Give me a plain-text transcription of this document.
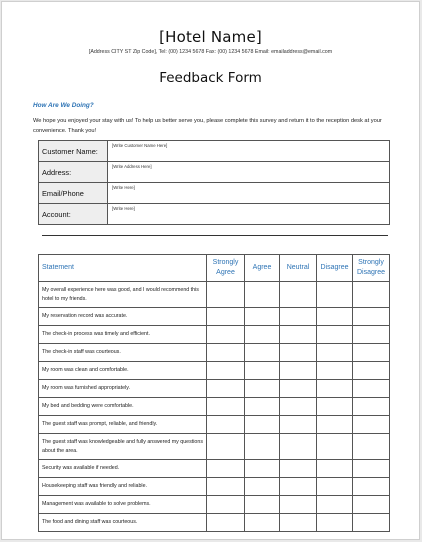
[Hotel Name]
[Address CITY ST Zip Code], Tel: (00) 1234 5678 Fax: (00) 1234 5678 Email: emailaddress@email.com
Feedback Form
How Are We Doing?
We hope you enjoyed your stay with us! To help us better serve you, please complete this survey and return it to the reception desk at your convenience. Thank you!
Customer Name:	[Write Customer Name Here]
Address:	[Write Address Here]
Email/Phone	[Write Here]
Account:	[Write Here]
Statement	Strongly Agree	Agree	Neutral	Disagree	Strongly Disagree
My overall experience here was good, and I would recommend this hotel to my friends.					
My reservation record was accurate.					
The check-in process was timely and efficient.					
The check-in staff was courteous.					
My room was clean and comfortable.					
My room was furnished appropriately.					
My bed and bedding were comfortable.					
The guest staff was prompt, reliable, and friendly.					
The guest staff was knowledgeable and fully answered my questions about the area.					
Security was available if needed.					
Housekeeping staff was friendly and reliable.					
Management was available to solve problems.					
The food and dining staff was courteous.					
